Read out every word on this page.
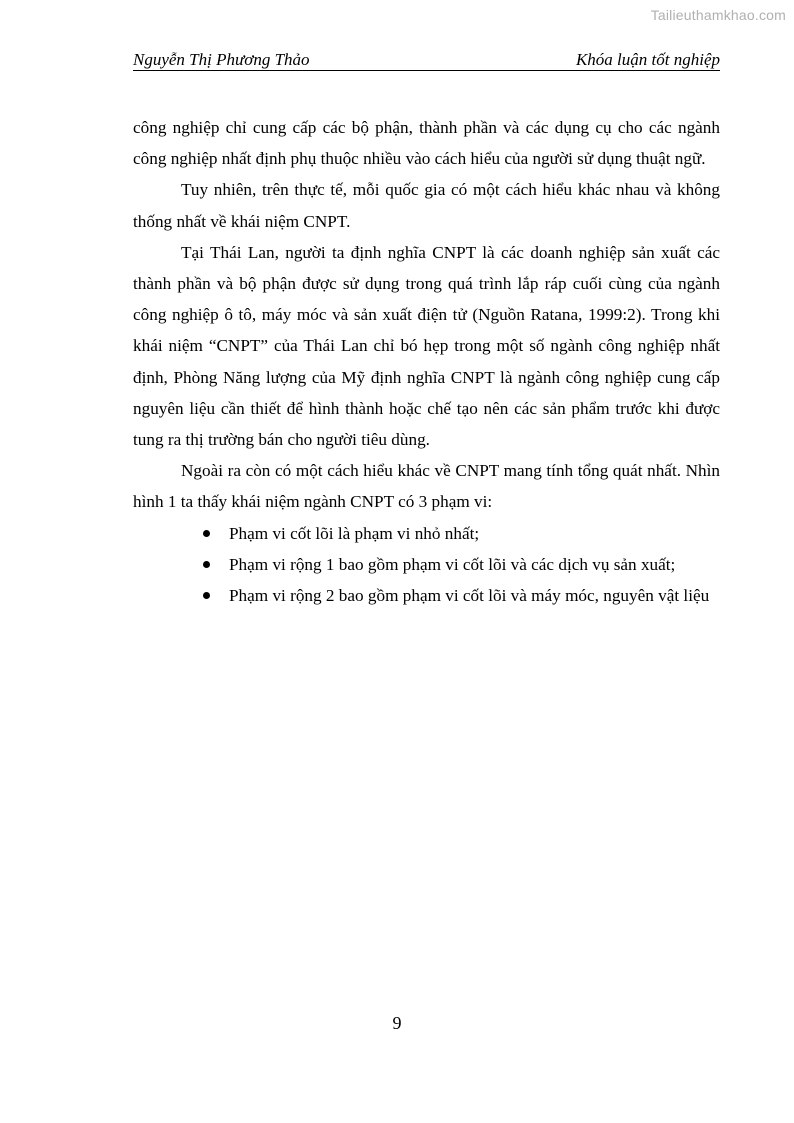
Tailieuthamkhao.com
Nguyễn Thị Phương Thảo	Khóa luận tốt nghiệp

công nghiệp chỉ cung cấp các bộ phận, thành phần và các dụng cụ cho các ngành công nghiệp nhất định phụ thuộc nhiều vào cách hiểu của người sử dụng thuật ngữ.

Tuy nhiên, trên thực tế, mỗi quốc gia có một cách hiểu khác nhau và không thống nhất về khái niệm CNPT.

Tại Thái Lan, người ta định nghĩa CNPT là các doanh nghiệp sản xuất các thành phần và bộ phận được sử dụng trong quá trình lắp ráp cuối cùng của ngành công nghiệp ô tô, máy móc và sản xuất điện tử (Nguồn Ratana, 1999:2). Trong khi khái niệm “CNPT” của Thái Lan chỉ bó hẹp trong một số ngành công nghiệp nhất định, Phòng Năng lượng của Mỹ định nghĩa CNPT là ngành công nghiệp cung cấp nguyên liệu cần thiết để hình thành hoặc chế tạo nên các sản phẩm trước khi được tung ra thị trường bán cho người tiêu dùng.

Ngoài ra còn có một cách hiểu khác về CNPT mang tính tổng quát nhất. Nhìn hình 1 ta thấy khái niệm ngành CNPT có 3 phạm vi:

Phạm vi cốt lõi là phạm vi nhỏ nhất;
Phạm vi rộng 1 bao gồm phạm vi cốt lõi và các dịch vụ sản xuất;
Phạm vi rộng 2 bao gồm phạm vi cốt lõi và máy móc, nguyên vật liệu
9
